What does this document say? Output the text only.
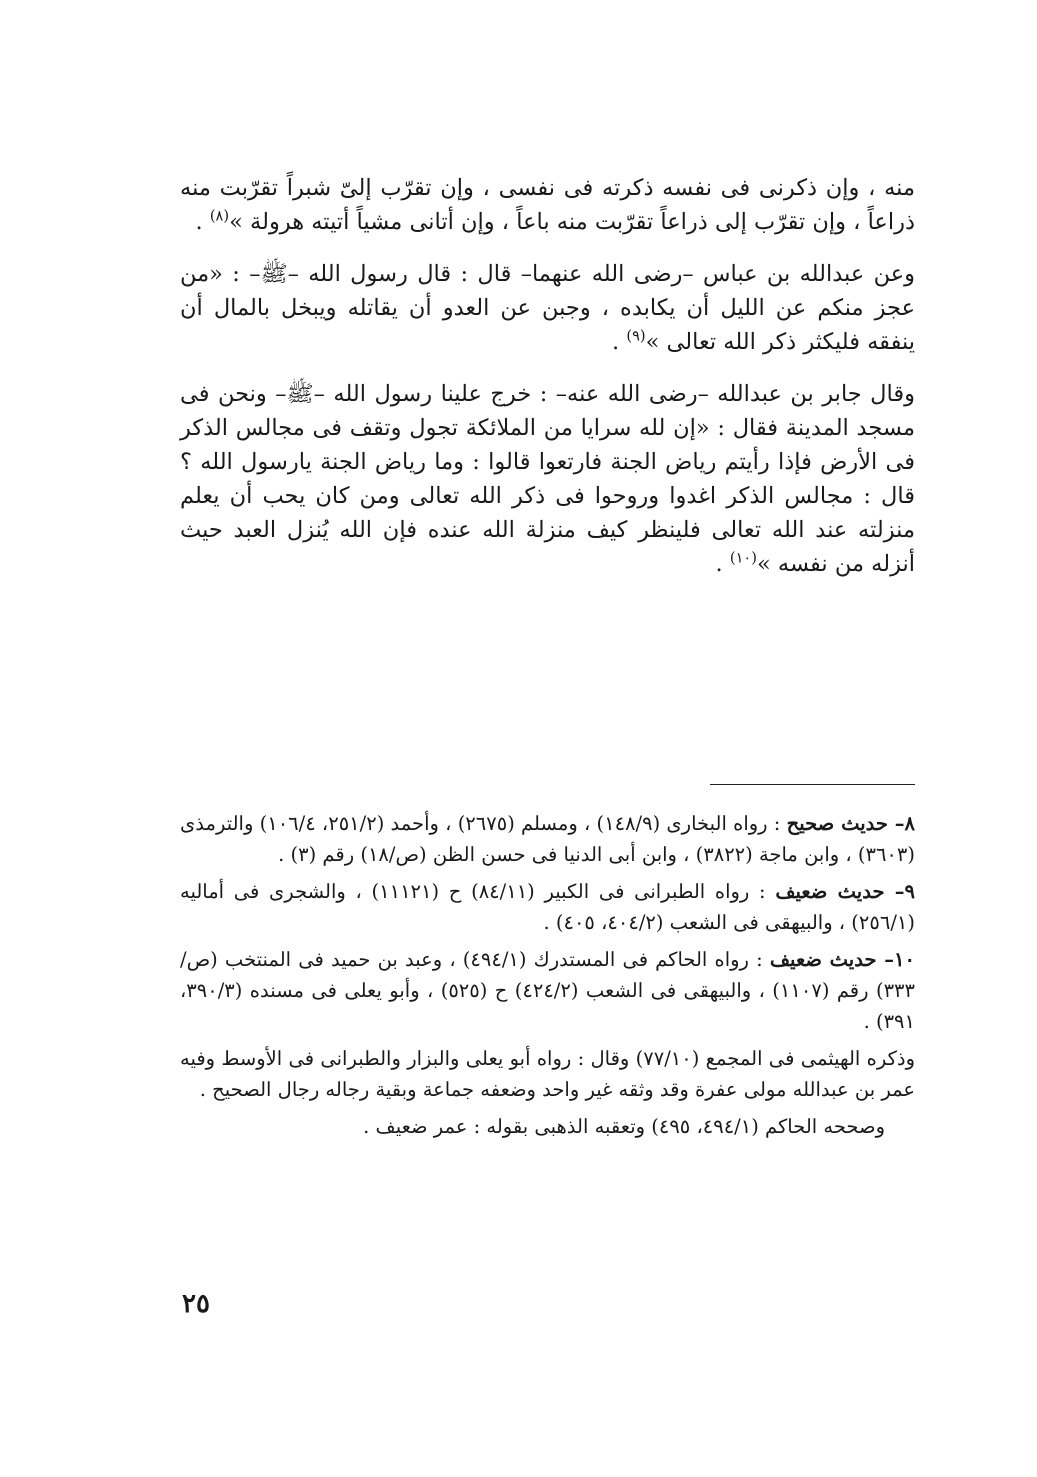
منه ، وإن ذكرنى فى نفسه ذكرته فى نفسى ، وإن تقرّب إلىّ شبراً تقرّبت منه ذراعاً ، وإن تقرّب إلى ذراعاً تقرّبت منه باعاً ، وإن أتانى مشياً أتيته هرولة »$^{(٨)}$ .

وعن عبدالله بن عباس –رضى الله عنهما– قال : قال رسول الله –ﷺ– : «من عجز منكم عن الليل أن يكابده ، وجبن عن العدو أن يقاتله ويبخل بالمال أن ينفقه فليكثر ذكر الله تعالى »$^{(٩)}$ .

وقال جابر بن عبدالله –رضى الله عنه– : خرج علينا رسول الله –ﷺ– ونحن فى مسجد المدينة فقال : «إن لله سرايا من الملائكة تجول وتقف فى مجالس الذكر فى الأرض فإذا رأيتم رياض الجنة فارتعوا قالوا : وما رياض الجنة يارسول الله ؟ قال : مجالس الذكر اغدوا وروحوا فى ذكر الله تعالى ومن كان يحب أن يعلم منزلته عند الله تعالى فلينظر كيف منزلة الله عنده فإن الله يُنزل العبد حيث أنزله من نفسه »$^{(١٠)}$ .

٨– حديث صحيح : رواه البخارى (١٤٨/٩) ، ومسلم (٢٦٧٥) ، وأحمد (٢٥١/٢، ١٠٦/٤) والترمذى (٣٦٠٣) ، وابن ماجة (٣٨٢٢) ، وابن أبى الدنيا فى حسن الظن (ص/١٨) رقم (٣) .

٩– حديث ضعيف : رواه الطبرانى فى الكبير (٨٤/١١) ح (١١١٢١) ، والشجرى فى أماليه (٢٥٦/١) ، والبيهقى فى الشعب (٤٠٤/٢، ٤٠٥) .

١٠– حديث ضعيف : رواه الحاكم فى المستدرك (٤٩٤/١) ، وعبد بن حميد فى المنتخب (ص/٣٣٣) رقم (١١٠٧) ، والبيهقى فى الشعب (٤٢٤/٢) ح (٥٢٥) ، وأبو يعلى فى مسنده (٣٩٠/٣، ٣٩١) .

وذكره الهيثمى فى المجمع (٧٧/١٠) وقال : رواه أبو يعلى والبزار والطبرانى فى الأوسط وفيه عمر بن عبدالله مولى عفرة وقد وثقه غير واحد وضعفه جماعة وبقية رجاله رجال الصحيح .

وصححه الحاكم (٤٩٤/١، ٤٩٥) وتعقبه الذهبى بقوله : عمر ضعيف .

٢٥
